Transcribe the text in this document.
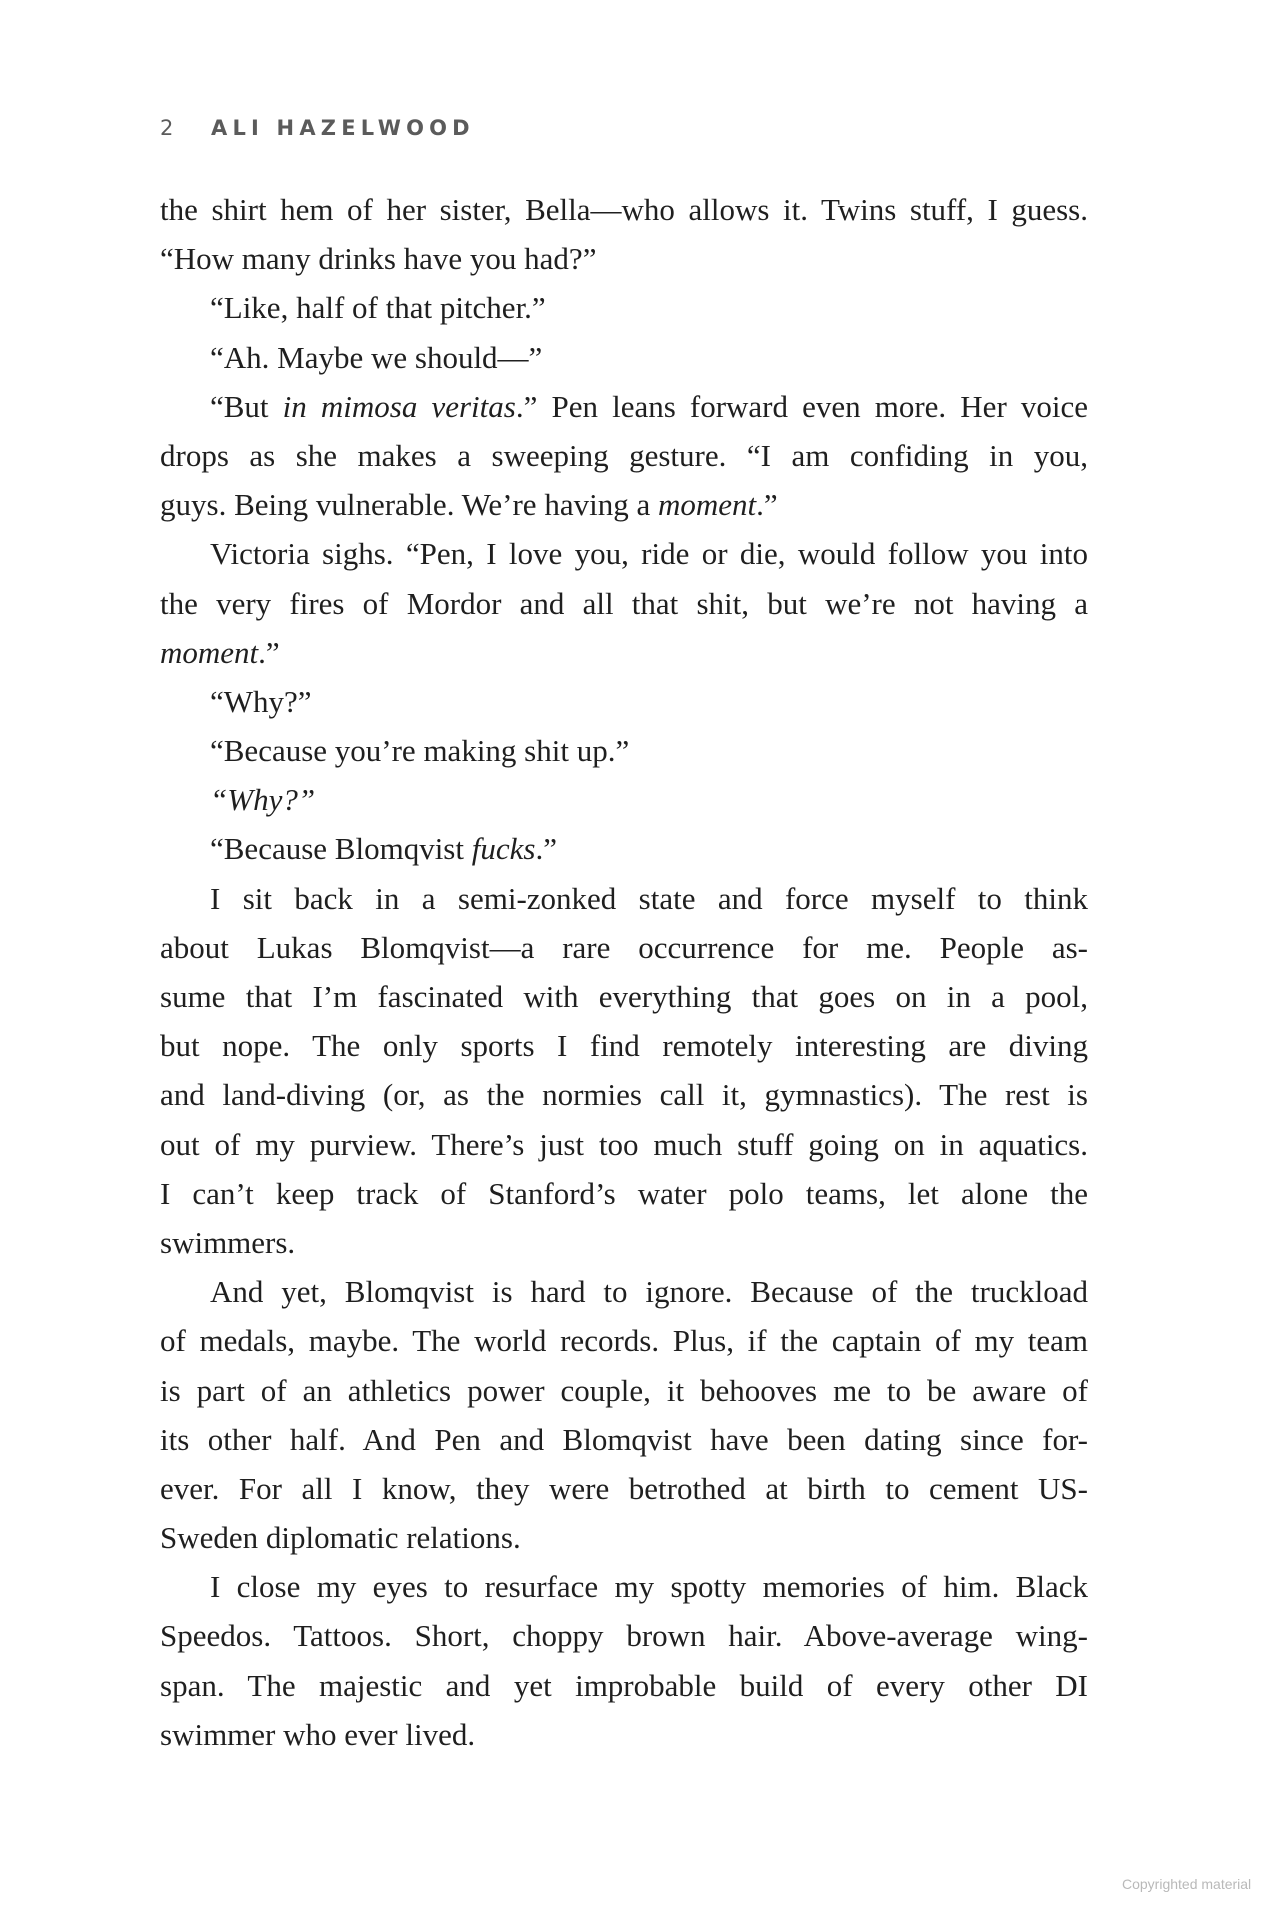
2 ALI HAZELWOOD
the shirt hem of her sister, Bella—who allows it. Twins stuff, I guess.
“How many drinks have you had?”
“Like, half of that pitcher.”
“Ah. Maybe we should—”
“But in mimosa veritas.” Pen leans forward even more. Her voice
drops as she makes a sweeping gesture. “I am confiding in you,
guys. Being vulnerable. We’re having a moment.”
Victoria sighs. “Pen, I love you, ride or die, would follow you into
the very fires of Mordor and all that shit, but we’re not having a
moment.”
“Why?”
“Because you’re making shit up.”
“Why?”
“Because Blomqvist fucks.”
I sit back in a semi-zonked state and force myself to think
about Lukas Blomqvist—a rare occurrence for me. People as-
sume that I’m fascinated with everything that goes on in a pool,
but nope. The only sports I find remotely interesting are diving
and land-diving (or, as the normies call it, gymnastics). The rest is
out of my purview. There’s just too much stuff going on in aquatics.
I can’t keep track of Stanford’s water polo teams, let alone the
swimmers.
And yet, Blomqvist is hard to ignore. Because of the truckload
of medals, maybe. The world records. Plus, if the captain of my team
is part of an athletics power couple, it behooves me to be aware of
its other half. And Pen and Blomqvist have been dating since for-
ever. For all I know, they were betrothed at birth to cement US-
Sweden diplomatic relations.
I close my eyes to resurface my spotty memories of him. Black
Speedos. Tattoos. Short, choppy brown hair. Above-average wing-
span. The majestic and yet improbable build of every other DI
swimmer who ever lived.
Copyrighted material
